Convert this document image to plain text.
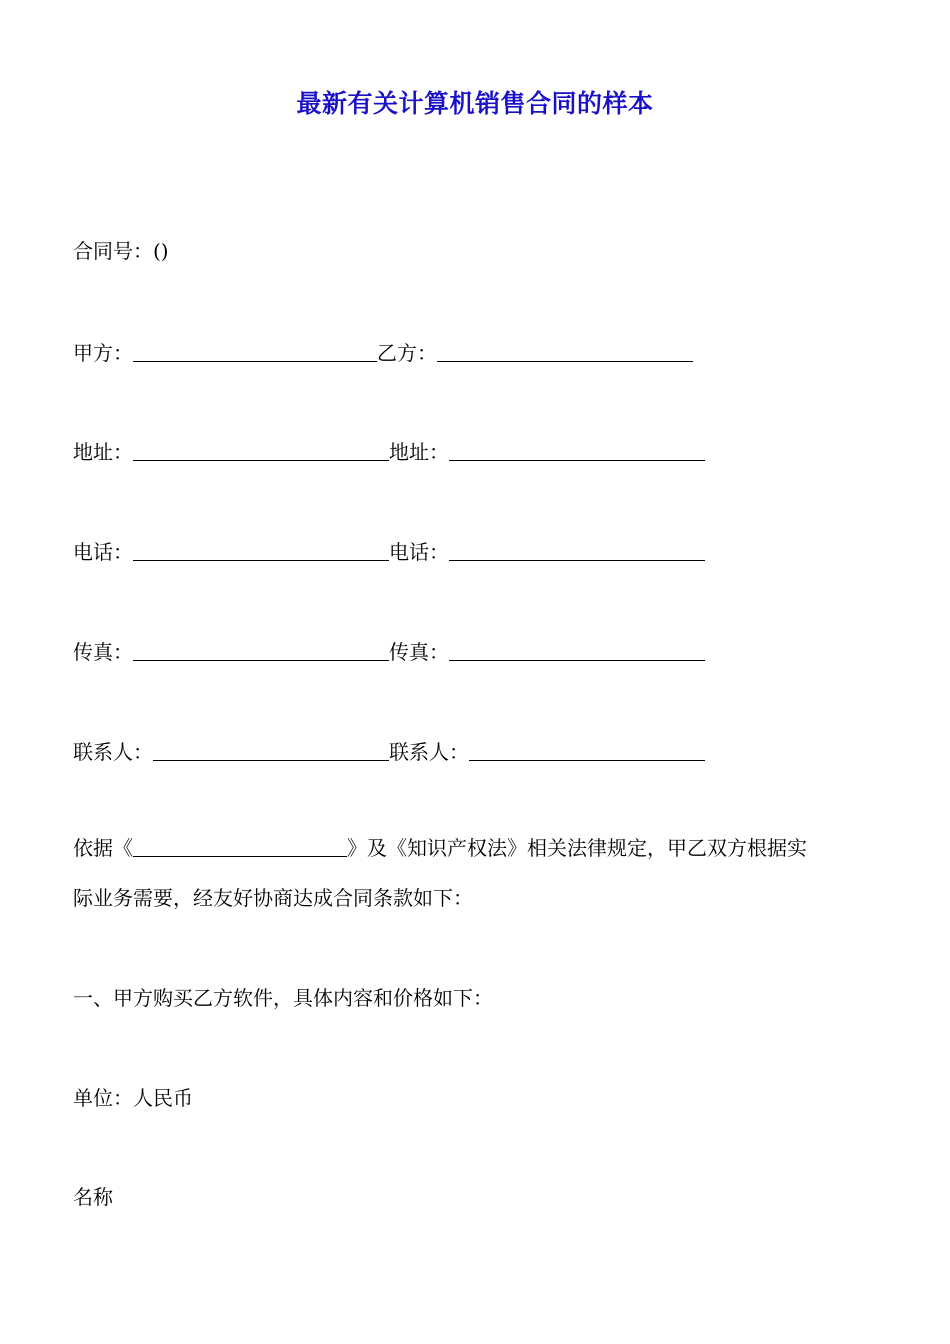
最新有关计算机销售合同的样本
合同号：()
甲方：	乙方：
地址：	地址：
电话：	电话：
传真：	传真：
联系人：	联系人：
依据《	》及《知识产权法》相关法律规定，甲乙双方根据实
际业务需要，经友好协商达成合同条款如下：
一、甲方购买乙方软件，具体内容和价格如下：
单位：人民币
名称
